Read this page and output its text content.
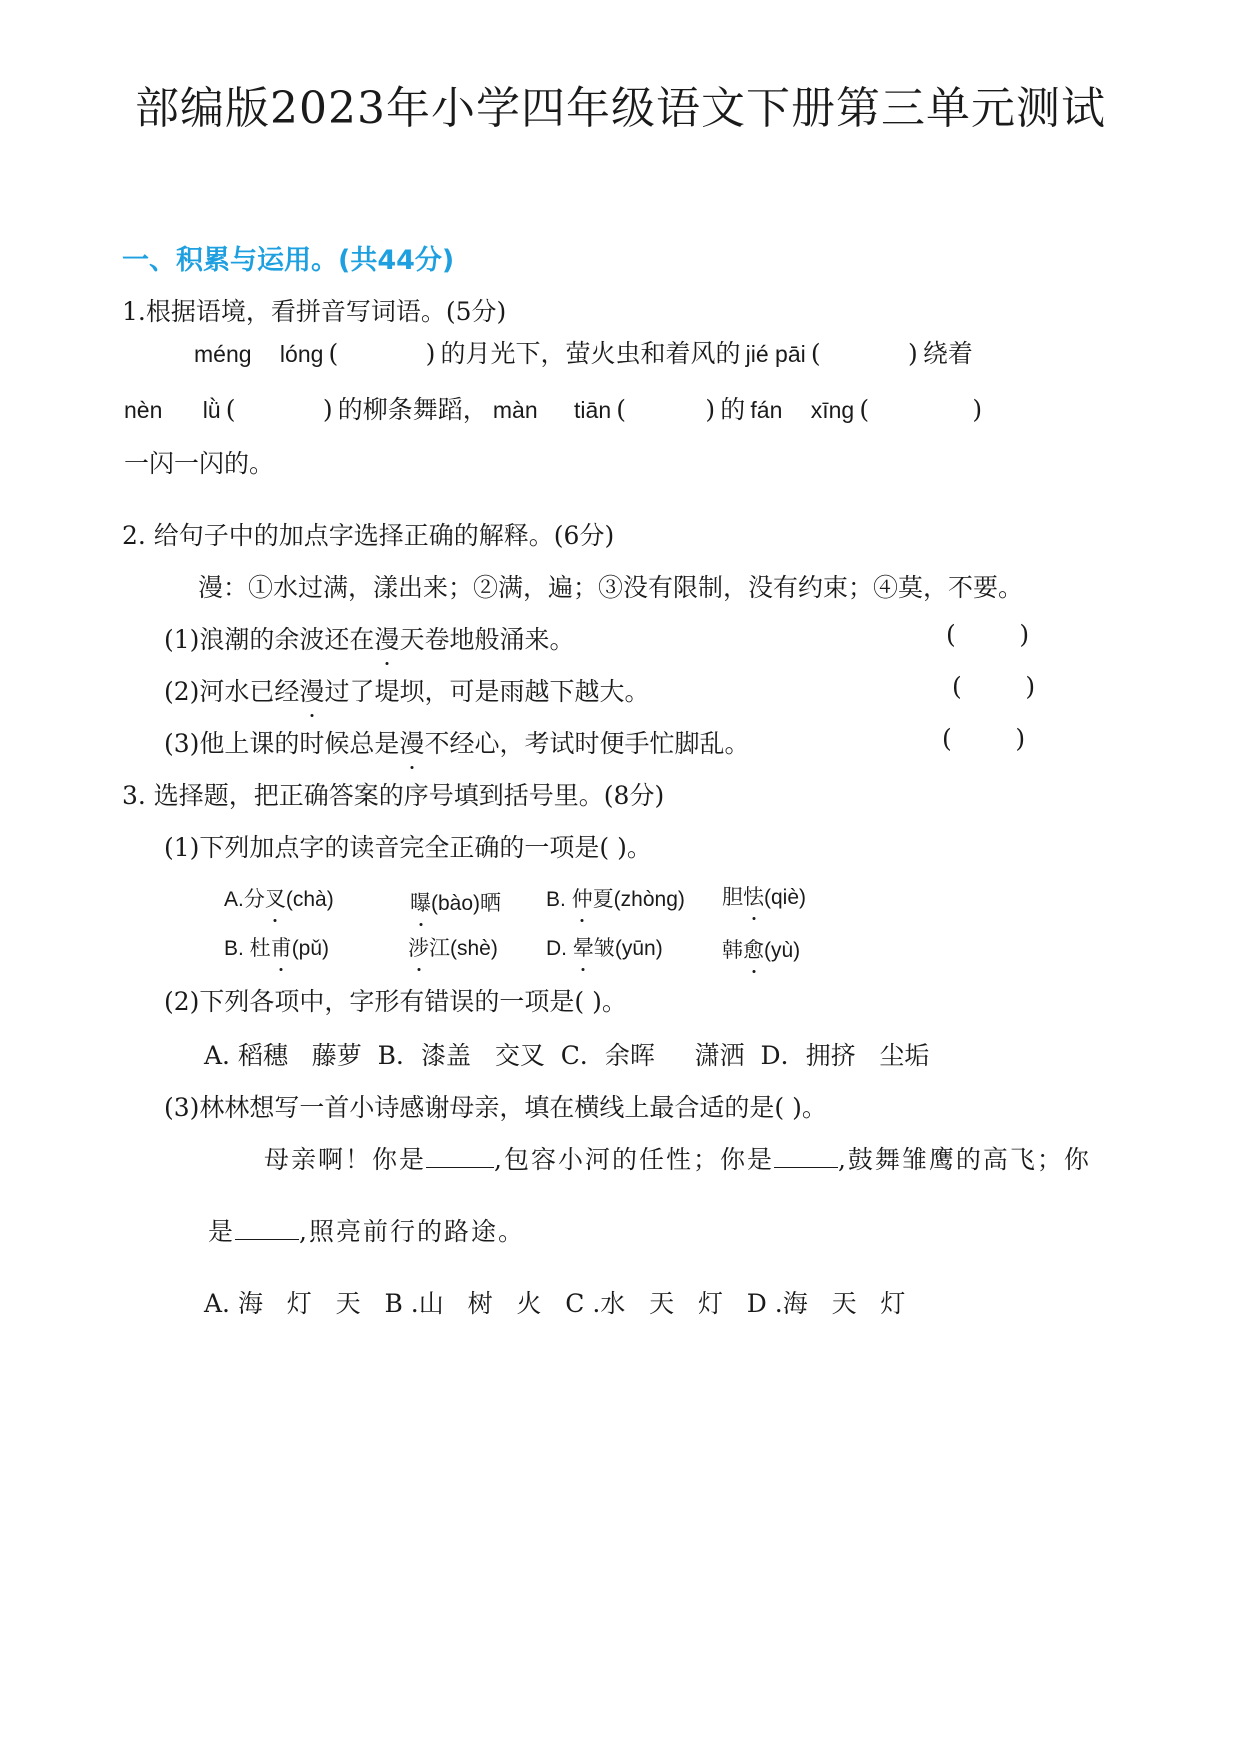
部编版2023年小学四年级语文下册第三单元测试
一、积累与运用。(共44分)
1.根据语境，看拼音写词语。(5分)
méng lóng (           ) 的月光下，萤火虫和着风的 jié pāi (           ) 绕着
nèn lǜ (           ) 的柳条舞蹈， màn tiān (          ) 的 fán xīng (             )
一闪一闪的。
2. 给句子中的加点字选择正确的解释。(6分)
漫：①水过满，漾出来；②满，遍；③没有限制，没有约束；④莫，不要。
(1)浪潮的余波还在漫天卷地般涌来。	(        )
(2)河水已经漫过了堤坝，可是雨越下越大。	(        )
(3)他上课的时候总是漫不经心，考试时便手忙脚乱。	(        )
3. 选择题，把正确答案的序号填到括号里。(8分)
(1)下列加点字的读音完全正确的一项是( )。
A.分叉(chà)	曝(bào)晒 B. 仲夏(zhòng) 胆怯(qiè)
B. 杜甫(pǔ)	涉江(shè) D. 晕皱(yūn)	韩愈(yù)
(2)下列各项中，字形有错误的一项是( )。
A. 稻穗   藤萝  B．漆盖   交叉  C．余晖     潇洒  D．拥挤   尘垢
(3)林林想写一首小诗感谢母亲，填在横线上最合适的是( )。
母亲啊！你是	,包容小河的任性；你是	,鼓舞雏鹰的高飞；你
是	,照亮前行的路途。
A. 海   灯   天   B .山   树   火   C .水   天   灯   D .海   天   灯
